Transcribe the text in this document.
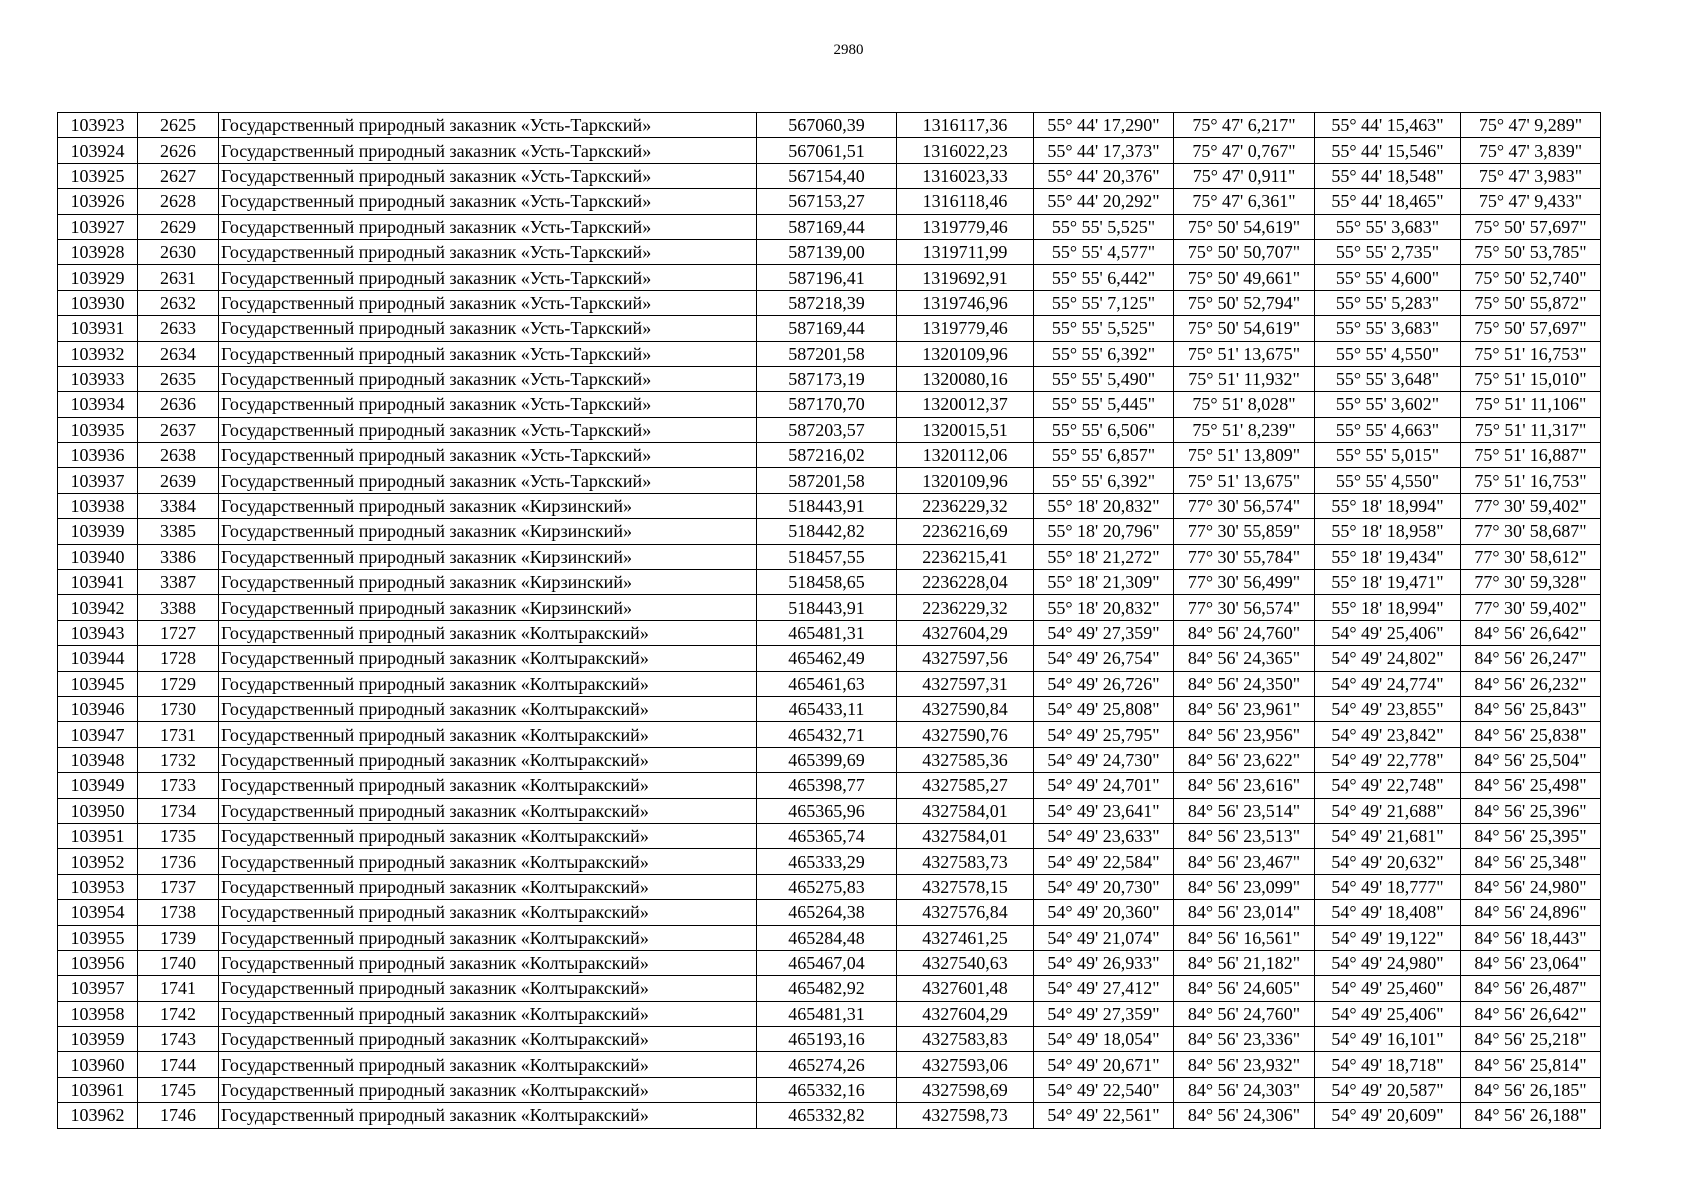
2980
103923	2625	Государственный природный заказник «Усть-Таркский»	567060,39	1316117,36	55° 44' 17,290"	75° 47' 6,217"	55° 44' 15,463"	75° 47' 9,289"
103924	2626	Государственный природный заказник «Усть-Таркский»	567061,51	1316022,23	55° 44' 17,373"	75° 47' 0,767"	55° 44' 15,546"	75° 47' 3,839"
103925	2627	Государственный природный заказник «Усть-Таркский»	567154,40	1316023,33	55° 44' 20,376"	75° 47' 0,911"	55° 44' 18,548"	75° 47' 3,983"
103926	2628	Государственный природный заказник «Усть-Таркский»	567153,27	1316118,46	55° 44' 20,292"	75° 47' 6,361"	55° 44' 18,465"	75° 47' 9,433"
103927	2629	Государственный природный заказник «Усть-Таркский»	587169,44	1319779,46	55° 55' 5,525"	75° 50' 54,619"	55° 55' 3,683"	75° 50' 57,697"
103928	2630	Государственный природный заказник «Усть-Таркский»	587139,00	1319711,99	55° 55' 4,577"	75° 50' 50,707"	55° 55' 2,735"	75° 50' 53,785"
103929	2631	Государственный природный заказник «Усть-Таркский»	587196,41	1319692,91	55° 55' 6,442"	75° 50' 49,661"	55° 55' 4,600"	75° 50' 52,740"
103930	2632	Государственный природный заказник «Усть-Таркский»	587218,39	1319746,96	55° 55' 7,125"	75° 50' 52,794"	55° 55' 5,283"	75° 50' 55,872"
103931	2633	Государственный природный заказник «Усть-Таркский»	587169,44	1319779,46	55° 55' 5,525"	75° 50' 54,619"	55° 55' 3,683"	75° 50' 57,697"
103932	2634	Государственный природный заказник «Усть-Таркский»	587201,58	1320109,96	55° 55' 6,392"	75° 51' 13,675"	55° 55' 4,550"	75° 51' 16,753"
103933	2635	Государственный природный заказник «Усть-Таркский»	587173,19	1320080,16	55° 55' 5,490"	75° 51' 11,932"	55° 55' 3,648"	75° 51' 15,010"
103934	2636	Государственный природный заказник «Усть-Таркский»	587170,70	1320012,37	55° 55' 5,445"	75° 51' 8,028"	55° 55' 3,602"	75° 51' 11,106"
103935	2637	Государственный природный заказник «Усть-Таркский»	587203,57	1320015,51	55° 55' 6,506"	75° 51' 8,239"	55° 55' 4,663"	75° 51' 11,317"
103936	2638	Государственный природный заказник «Усть-Таркский»	587216,02	1320112,06	55° 55' 6,857"	75° 51' 13,809"	55° 55' 5,015"	75° 51' 16,887"
103937	2639	Государственный природный заказник «Усть-Таркский»	587201,58	1320109,96	55° 55' 6,392"	75° 51' 13,675"	55° 55' 4,550"	75° 51' 16,753"
103938	3384	Государственный природный заказник «Кирзинский»	518443,91	2236229,32	55° 18' 20,832"	77° 30' 56,574"	55° 18' 18,994"	77° 30' 59,402"
103939	3385	Государственный природный заказник «Кирзинский»	518442,82	2236216,69	55° 18' 20,796"	77° 30' 55,859"	55° 18' 18,958"	77° 30' 58,687"
103940	3386	Государственный природный заказник «Кирзинский»	518457,55	2236215,41	55° 18' 21,272"	77° 30' 55,784"	55° 18' 19,434"	77° 30' 58,612"
103941	3387	Государственный природный заказник «Кирзинский»	518458,65	2236228,04	55° 18' 21,309"	77° 30' 56,499"	55° 18' 19,471"	77° 30' 59,328"
103942	3388	Государственный природный заказник «Кирзинский»	518443,91	2236229,32	55° 18' 20,832"	77° 30' 56,574"	55° 18' 18,994"	77° 30' 59,402"
103943	1727	Государственный природный заказник «Колтыракский»	465481,31	4327604,29	54° 49' 27,359"	84° 56' 24,760"	54° 49' 25,406"	84° 56' 26,642"
103944	1728	Государственный природный заказник «Колтыракский»	465462,49	4327597,56	54° 49' 26,754"	84° 56' 24,365"	54° 49' 24,802"	84° 56' 26,247"
103945	1729	Государственный природный заказник «Колтыракский»	465461,63	4327597,31	54° 49' 26,726"	84° 56' 24,350"	54° 49' 24,774"	84° 56' 26,232"
103946	1730	Государственный природный заказник «Колтыракский»	465433,11	4327590,84	54° 49' 25,808"	84° 56' 23,961"	54° 49' 23,855"	84° 56' 25,843"
103947	1731	Государственный природный заказник «Колтыракский»	465432,71	4327590,76	54° 49' 25,795"	84° 56' 23,956"	54° 49' 23,842"	84° 56' 25,838"
103948	1732	Государственный природный заказник «Колтыракский»	465399,69	4327585,36	54° 49' 24,730"	84° 56' 23,622"	54° 49' 22,778"	84° 56' 25,504"
103949	1733	Государственный природный заказник «Колтыракский»	465398,77	4327585,27	54° 49' 24,701"	84° 56' 23,616"	54° 49' 22,748"	84° 56' 25,498"
103950	1734	Государственный природный заказник «Колтыракский»	465365,96	4327584,01	54° 49' 23,641"	84° 56' 23,514"	54° 49' 21,688"	84° 56' 25,396"
103951	1735	Государственный природный заказник «Колтыракский»	465365,74	4327584,01	54° 49' 23,633"	84° 56' 23,513"	54° 49' 21,681"	84° 56' 25,395"
103952	1736	Государственный природный заказник «Колтыракский»	465333,29	4327583,73	54° 49' 22,584"	84° 56' 23,467"	54° 49' 20,632"	84° 56' 25,348"
103953	1737	Государственный природный заказник «Колтыракский»	465275,83	4327578,15	54° 49' 20,730"	84° 56' 23,099"	54° 49' 18,777"	84° 56' 24,980"
103954	1738	Государственный природный заказник «Колтыракский»	465264,38	4327576,84	54° 49' 20,360"	84° 56' 23,014"	54° 49' 18,408"	84° 56' 24,896"
103955	1739	Государственный природный заказник «Колтыракский»	465284,48	4327461,25	54° 49' 21,074"	84° 56' 16,561"	54° 49' 19,122"	84° 56' 18,443"
103956	1740	Государственный природный заказник «Колтыракский»	465467,04	4327540,63	54° 49' 26,933"	84° 56' 21,182"	54° 49' 24,980"	84° 56' 23,064"
103957	1741	Государственный природный заказник «Колтыракский»	465482,92	4327601,48	54° 49' 27,412"	84° 56' 24,605"	54° 49' 25,460"	84° 56' 26,487"
103958	1742	Государственный природный заказник «Колтыракский»	465481,31	4327604,29	54° 49' 27,359"	84° 56' 24,760"	54° 49' 25,406"	84° 56' 26,642"
103959	1743	Государственный природный заказник «Колтыракский»	465193,16	4327583,83	54° 49' 18,054"	84° 56' 23,336"	54° 49' 16,101"	84° 56' 25,218"
103960	1744	Государственный природный заказник «Колтыракский»	465274,26	4327593,06	54° 49' 20,671"	84° 56' 23,932"	54° 49' 18,718"	84° 56' 25,814"
103961	1745	Государственный природный заказник «Колтыракский»	465332,16	4327598,69	54° 49' 22,540"	84° 56' 24,303"	54° 49' 20,587"	84° 56' 26,185"
103962	1746	Государственный природный заказник «Колтыракский»	465332,82	4327598,73	54° 49' 22,561"	84° 56' 24,306"	54° 49' 20,609"	84° 56' 26,188"
